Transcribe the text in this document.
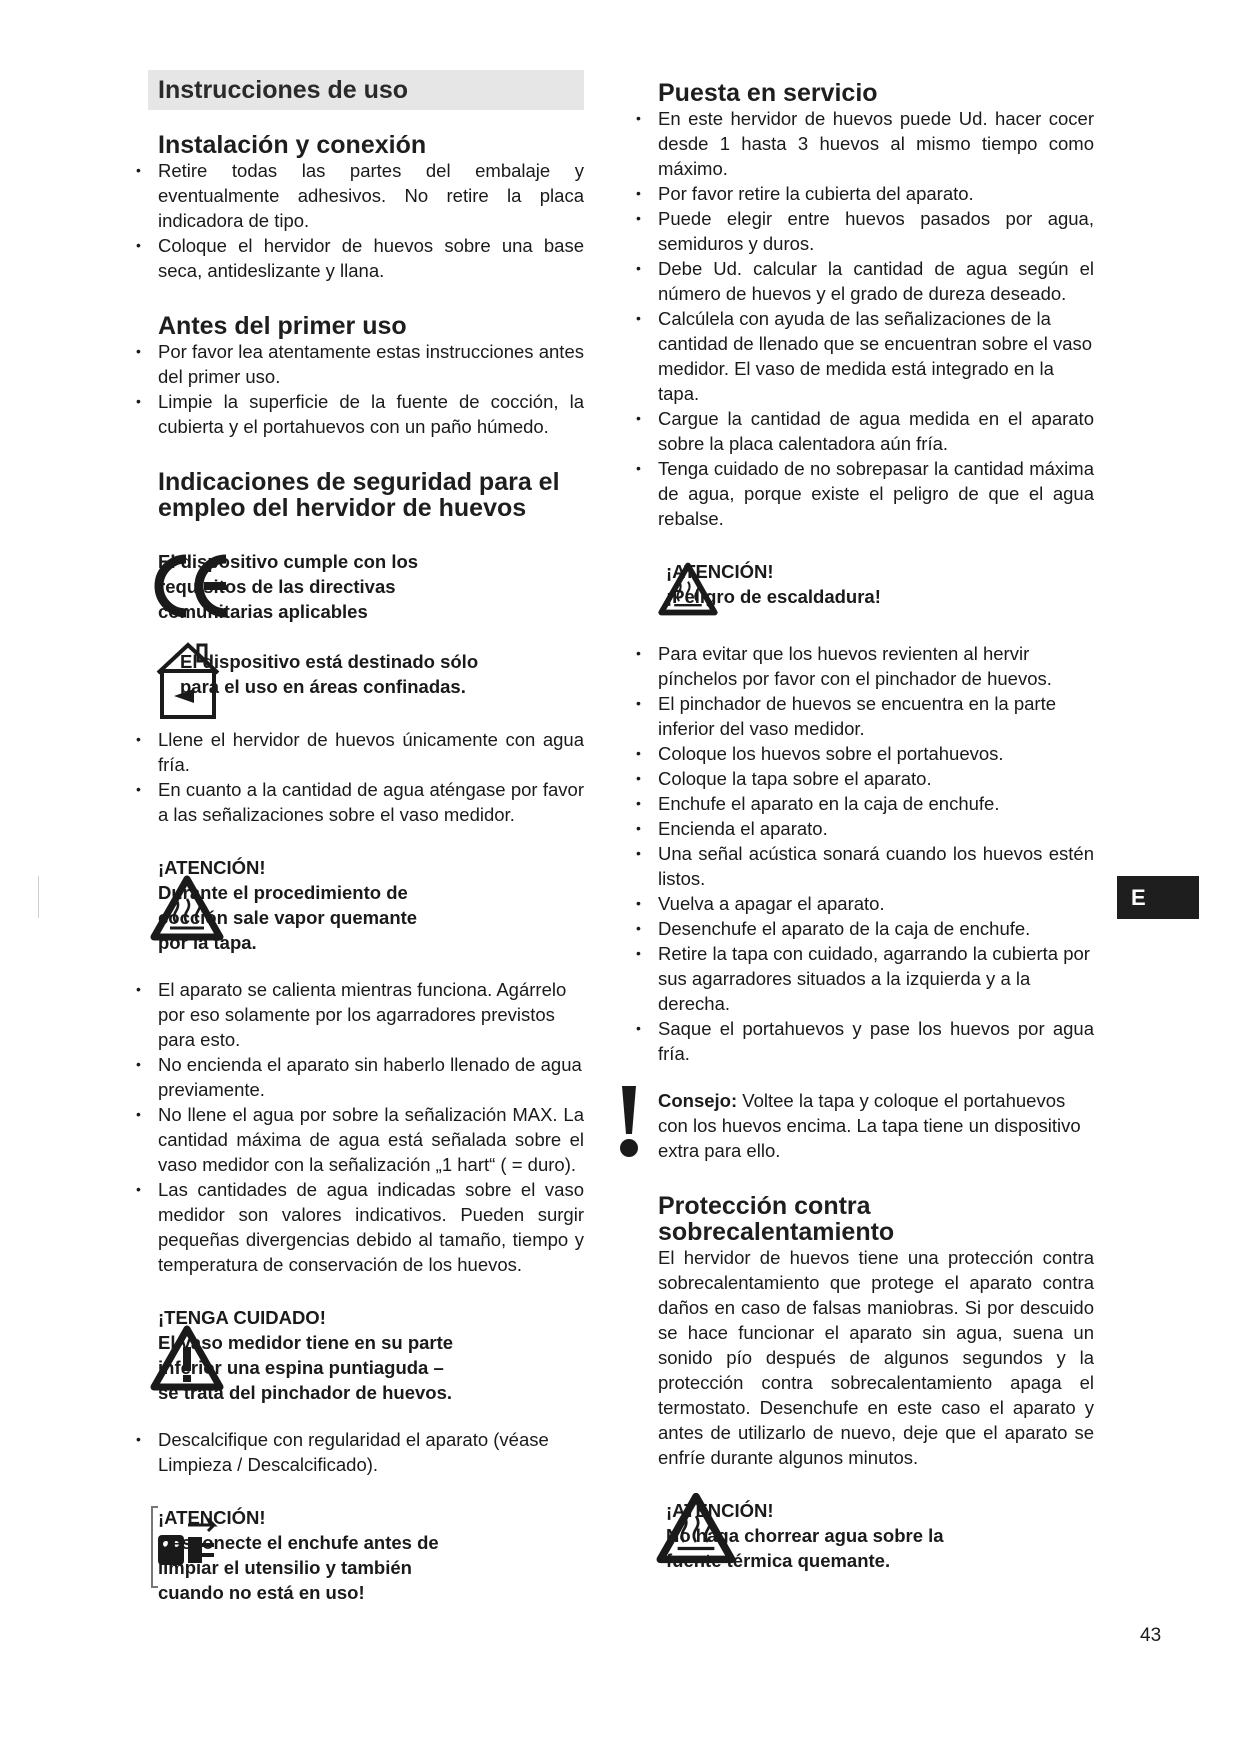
Instrucciones de uso
Instalación y conexión
• Retire todas las partes del embalaje y eventualmente adhesivos. No retire la placa indicadora de tipo.
• Coloque el hervidor de huevos sobre una base seca, antideslizante y llana.
Antes del primer uso
• Por favor lea atentamente estas instrucciones antes del primer uso.
• Limpie la superficie de la fuente de cocción, la cubierta y el portahuevos con un paño húmedo.
Indicaciones de seguridad para el
empleo del hervidor de huevos
El dispositivo cumple con los
requisitos de las directivas
comunitarias aplicables
El dispositivo está destinado sólo
para el uso en áreas confinadas.
• Llene el hervidor de huevos únicamente con agua fría.
• En cuanto a la cantidad de agua aténgase por favor a las señalizaciones sobre el vaso medidor.
¡ATENCIÓN!
Durante el procedimiento de
cocción sale vapor quemante
por la tapa.
• El aparato se calienta mientras funciona. Agárrelo por eso solamente por los agarradores previstos para esto.
• No encienda el aparato sin haberlo llenado de agua previamente.
• No llene el agua por sobre la señalización MAX. La cantidad máxima de agua está señalada sobre el vaso medidor con la señalización „1 hart“ ( = duro).
• Las cantidades de agua indicadas sobre el vaso medidor son valores indicativos. Pueden surgir pequeñas divergencias debido al tamaño, tiempo y temperatura de conservación de los huevos.
¡TENGA CUIDADO!
El vaso medidor tiene en su parte
inferior una espina puntiaguda –
se trata del pinchador de huevos.
• Descalcifique con regularidad el aparato (véase Limpieza / Descalcificado).
¡ATENCIÓN!
Desconecte el enchufe antes de
limpiar el utensilio y también
cuando no está en uso!
Puesta en servicio
• En este hervidor de huevos puede Ud. hacer cocer desde 1 hasta 3 huevos al mismo tiempo como máximo.
• Por favor retire la cubierta del aparato.
• Puede elegir entre huevos pasados por agua, semiduros y duros.
• Debe Ud. calcular la cantidad de agua según el número de huevos y el grado de dureza deseado.
• Calcúlela con ayuda de las señalizaciones de la cantidad de llenado que se encuentran sobre el vaso medidor. El vaso de medida está integrado en la tapa.
• Cargue la cantidad de agua medida en el aparato sobre la placa calentadora aún fría.
• Tenga cuidado de no sobrepasar la cantidad máxima de agua, porque existe el peligro de que el agua rebalse.
¡ATENCIÓN!
¡Peligro de escaldadura!
• Para evitar que los huevos revienten al hervir pínchelos por favor con el pinchador de huevos.
• El pinchador de huevos se encuentra en la parte inferior del vaso medidor.
• Coloque los huevos sobre el portahuevos.
• Coloque la tapa sobre el aparato.
• Enchufe el aparato en la caja de enchufe.
• Encienda el aparato.
• Una señal acústica sonará cuando los huevos estén listos.
• Vuelva a apagar el aparato.
• Desenchufe el aparato de la caja de enchufe.
• Retire la tapa con cuidado, agarrando la cubierta por sus agarradores situados a la izquierda y a la derecha.
• Saque el portahuevos y pase los huevos por agua fría.
Consejo: Voltee la tapa y coloque el portahuevos con los huevos encima. La tapa tiene un dispositivo extra para ello.
Protección contra
sobrecalentamiento

El hervidor de huevos tiene una protección contra sobrecalentamiento que protege el aparato contra daños en caso de falsas maniobras. Si por descuido se hace funcionar el aparato sin agua, suena un sonido pío después de algunos segundos y la protección contra sobrecalentamiento apaga el termostato. Desenchufe en este caso el aparato y antes de utilizarlo de nuevo, deje que el aparato se enfríe durante algunos minutos.

¡ATENCIÓN!
No haga chorrear agua sobre la
fuente térmica quemante.
E
43
